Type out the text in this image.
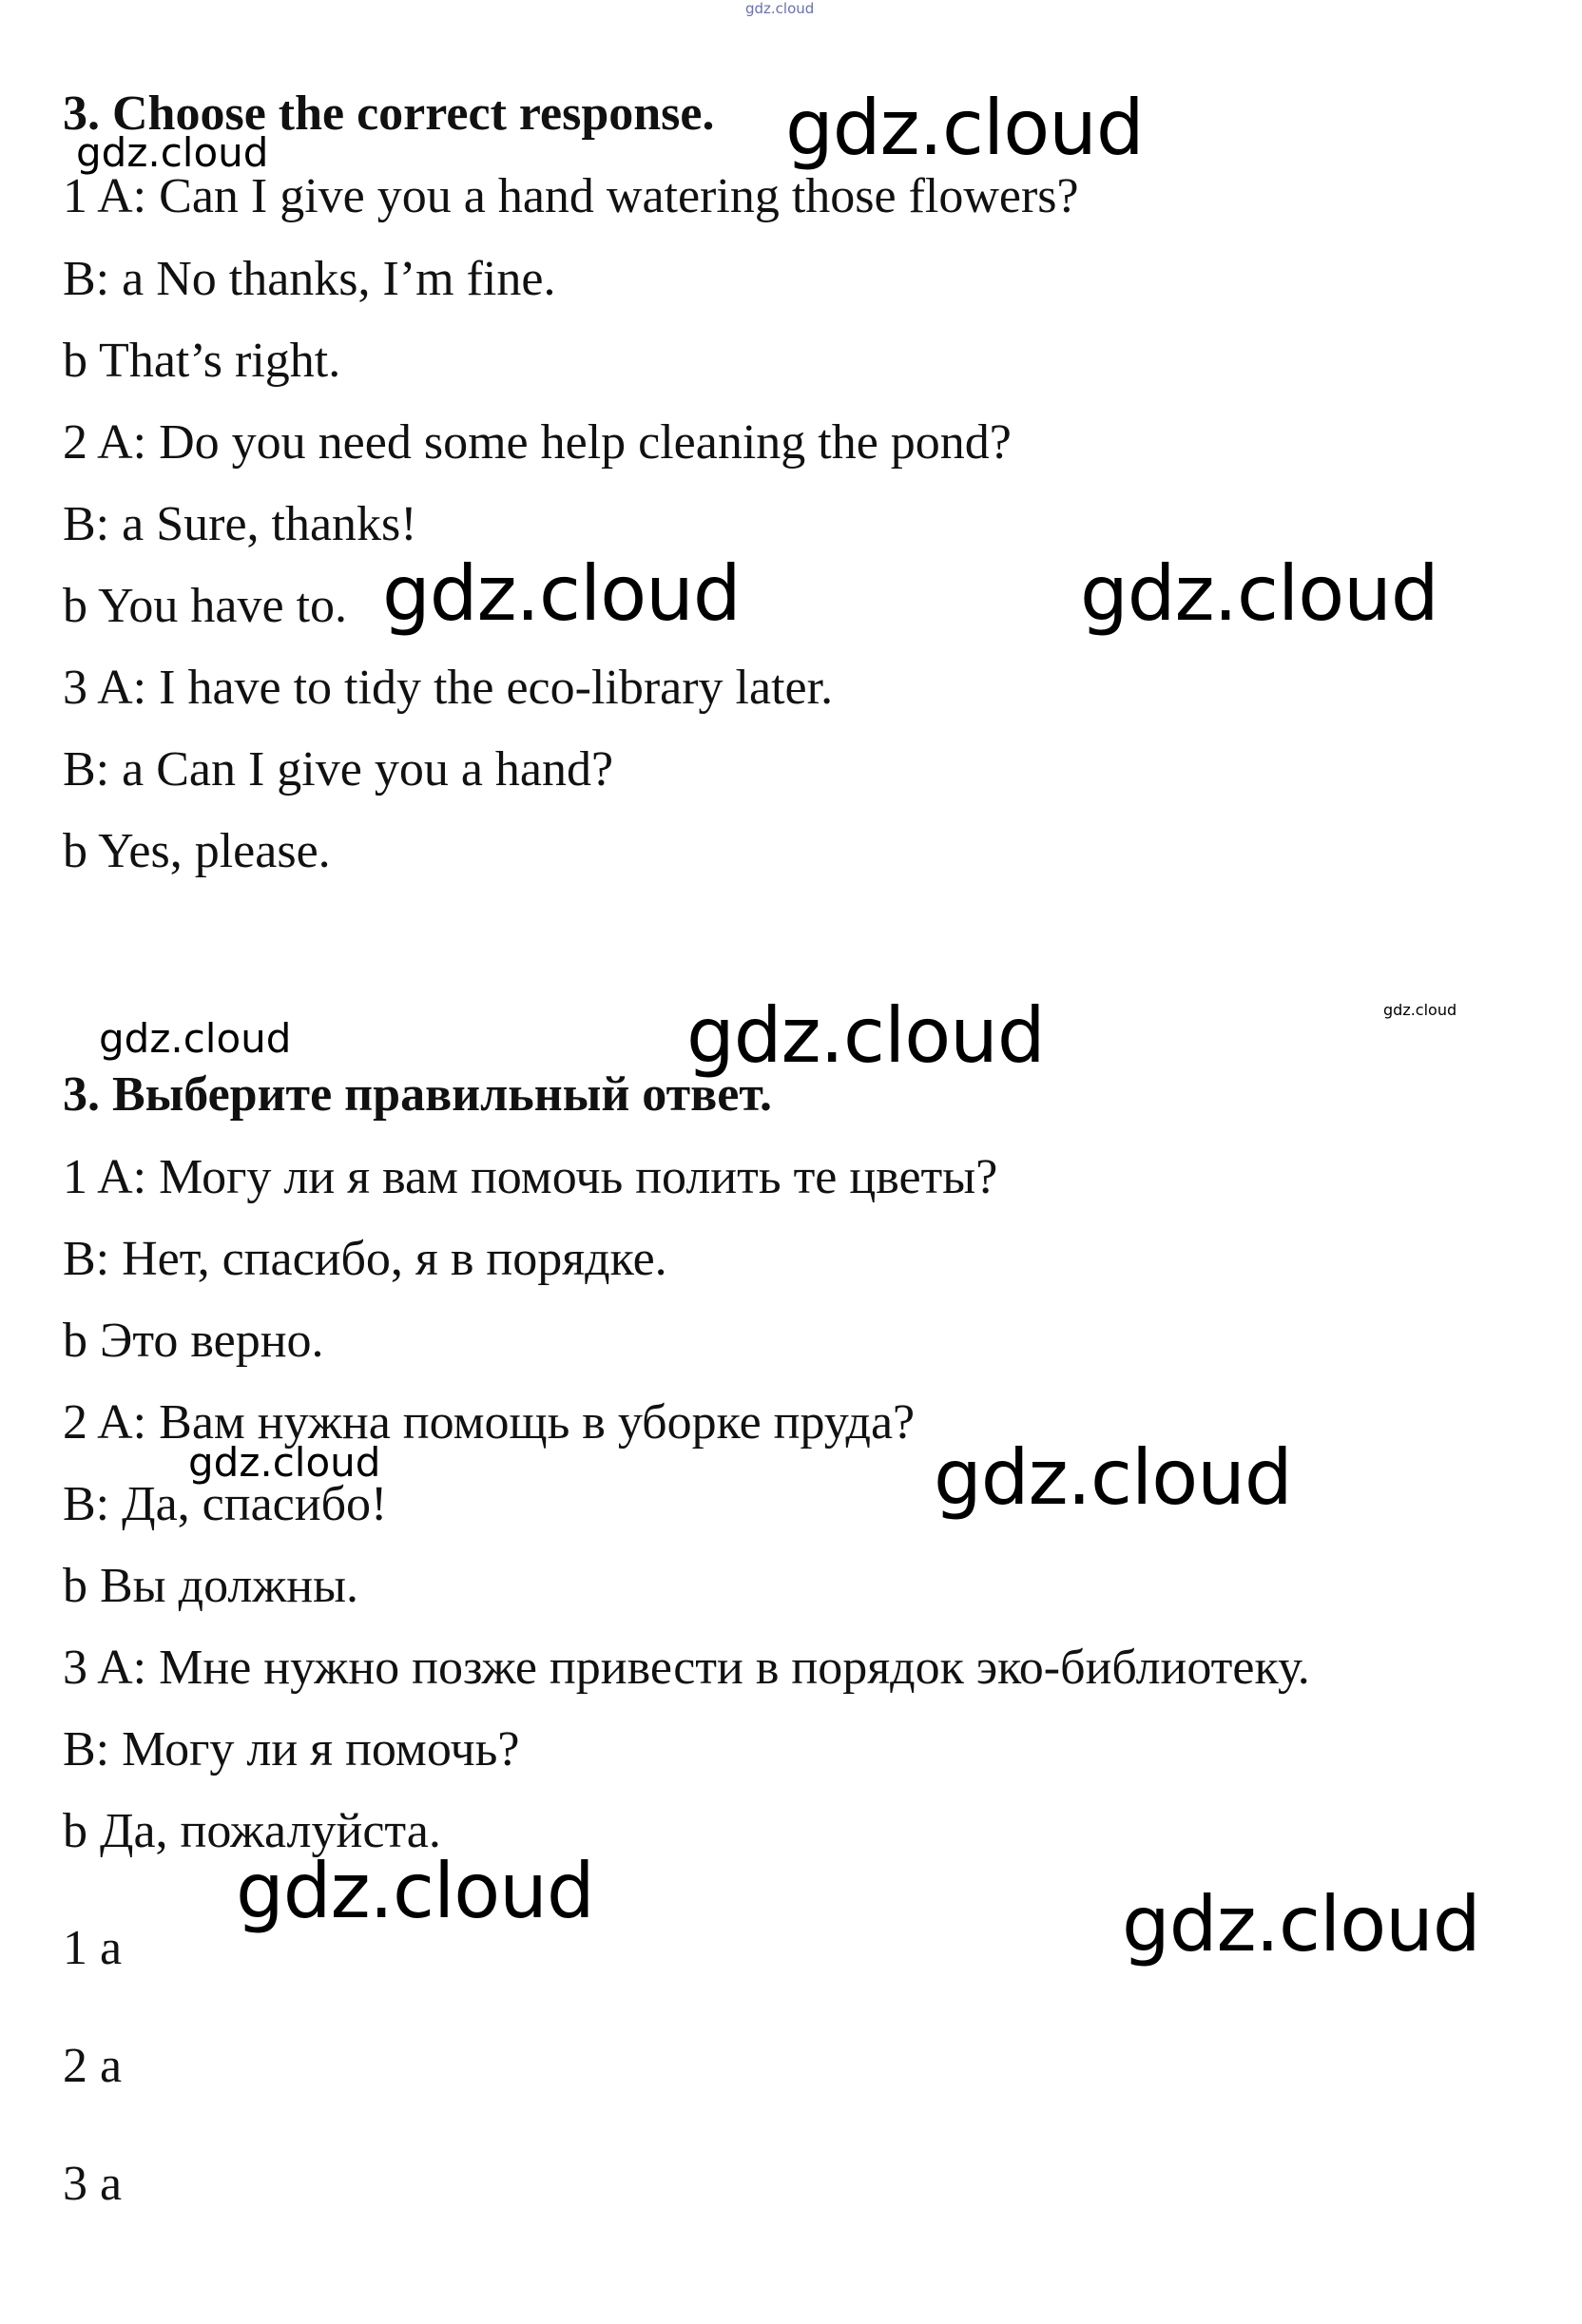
gdz.cloud
3. Choose the correct response.
1 A: Can I give you a hand watering those flowers?
B: a No thanks, I’m fine.
b That’s right.
2 A: Do you need some help cleaning the pond?
B: a Sure, thanks!
b You have to.
3 A: I have to tidy the eco-library later.
B: a Can I give you a hand?
b Yes, please.
3. Выберите правильный ответ.
1 A: Могу ли я вам помочь полить те цветы?
B: Нет, спасибо, я в порядке.
b Это верно.
2 A: Вам нужна помощь в уборке пруда?
B: Да, спасибо!
b Вы должны.
3 A: Мне нужно позже привести в порядок эко-библиотеку.
B: Могу ли я помочь?
b Да, пожалуйста.
1 a
2 a
3 a
gdz.cloud
gdz.cloud
gdz.cloud	gdz.cloud
gdz.cloud	gdz.cloud	gdz.cloud
gdz.cloud	gdz.cloud
gdz.cloud	gdz.cloud
